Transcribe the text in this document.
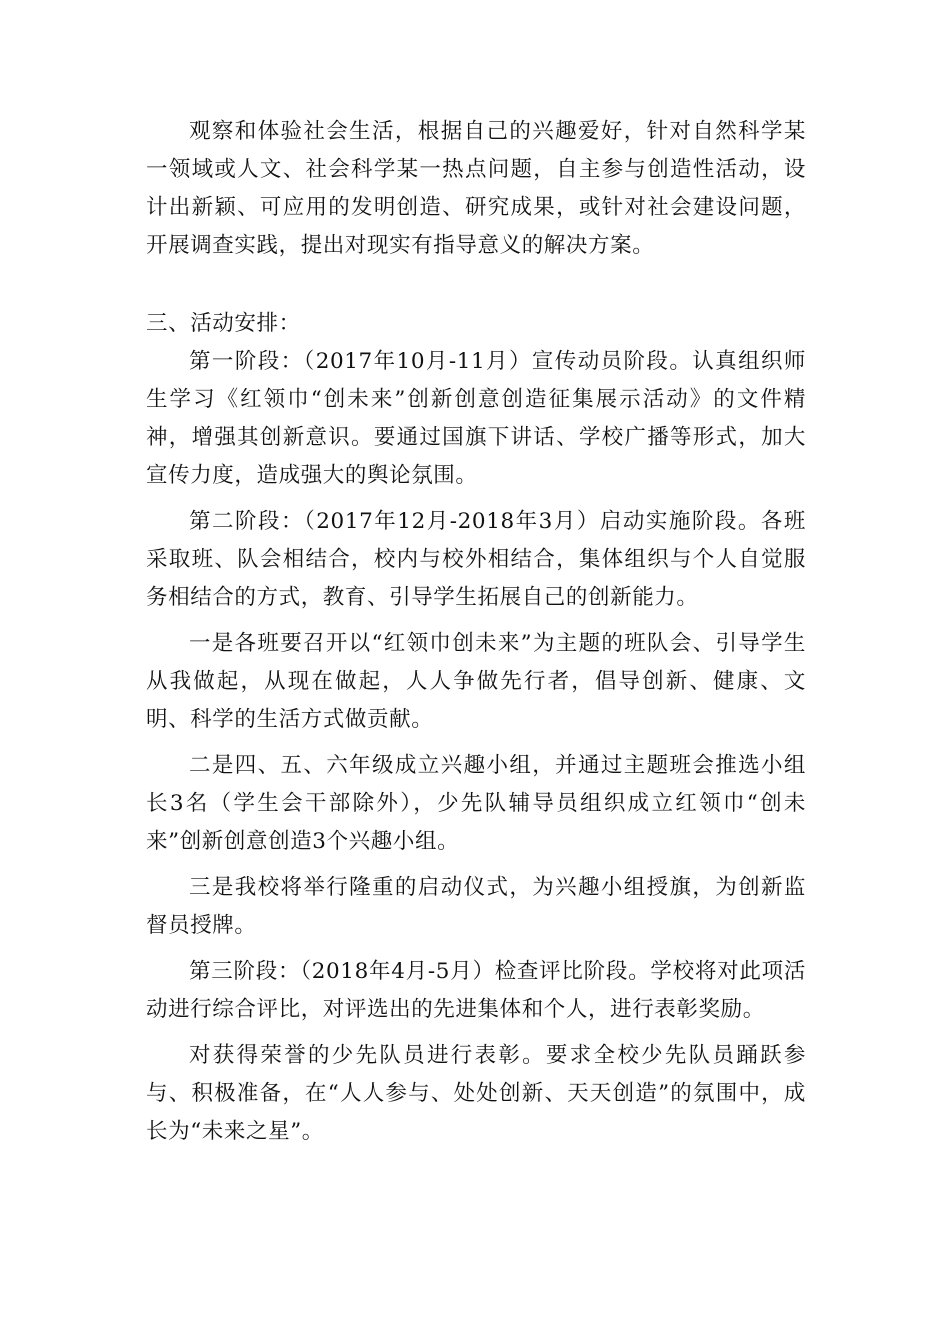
观察和体验社会生活，根据自己的兴趣爱好，针对自然科学某一领域或人文、社会科学某一热点问题，自主参与创造性活动，设计出新颖、可应用的发明创造、研究成果，或针对社会建设问题，开展调查实践，提出对现实有指导意义的解决方案。

三、活动安排：

第一阶段：（2017年10月-11月）宣传动员阶段。认真组织师生学习《红领巾“创未来”创新创意创造征集展示活动》的文件精神，增强其创新意识。要通过国旗下讲话、学校广播等形式，加大宣传力度，造成强大的舆论氛围。

第二阶段：（2017年12月-2018年3月）启动实施阶段。各班采取班、队会相结合，校内与校外相结合，集体组织与个人自觉服务相结合的方式，教育、引导学生拓展自己的创新能力。

一是各班要召开以“红领巾创未来”为主题的班队会、引导学生从我做起，从现在做起，人人争做先行者，倡导创新、健康、文明、科学的生活方式做贡献。

二是四、五、六年级成立兴趣小组，并通过主题班会推选小组长3名（学生会干部除外），少先队辅导员组织成立红领巾“创未来”创新创意创造3个兴趣小组。

三是我校将举行隆重的启动仪式，为兴趣小组授旗，为创新监督员授牌。

第三阶段：（2018年4月-5月）检查评比阶段。学校将对此项活动进行综合评比，对评选出的先进集体和个人，进行表彰奖励。

对获得荣誉的少先队员进行表彰。要求全校少先队员踊跃参与、积极准备，在“人人参与、处处创新、天天创造”的氛围中，成长为“未来之星”。
